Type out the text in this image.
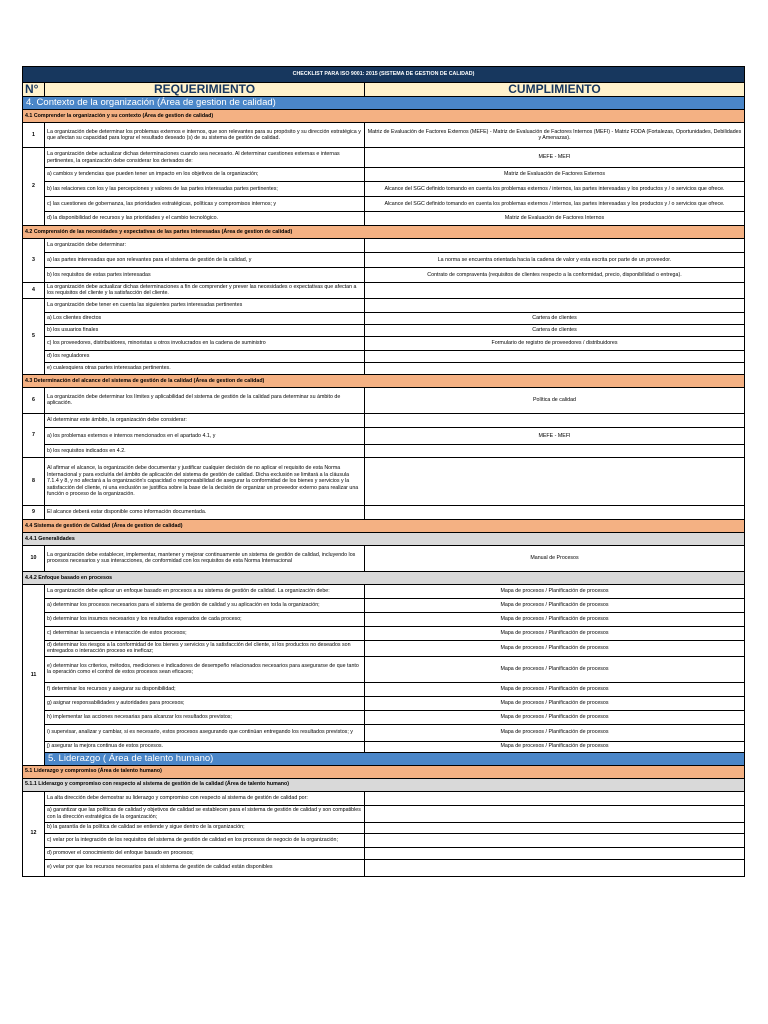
CHECKLIST PARA ISO 9001: 2015 (SISTEMA DE GESTION DE CALIDAD)		
N°	REQUERIMIENTO	CUMPLIMIENTO
4. Contexto de la organización (Área de gestion de calidad)		
4.1 Comprender la organización y su contexto (Área de gestion de calidad)		
1	La organización debe determinar los problemas externos e internos, que son relevantes para su propósito y su dirección estratégica y que afectan su capacidad para lograr el resultado deseado (s) de su sistema de gestión de calidad.	Matriz de Evaluación de Factores Externos (MEFE) - Matriz de Evaluación de Factores Internos (MEFI) - Matriz FODA (Fortalezas, Oportunidades, Debilidades y Amenazas).
2	La organización debe actualizar dichas determinaciones cuando sea necesario. Al determinar cuestiones externas e internas pertinentes, la organización debe considerar los derivados de:	MEFE - MEFI
	a) cambios y tendencias que pueden tener un impacto en los objetivos de la organización;	Matriz de Evaluación de Factores Externos
	b) las relaciones con los y las percepciones y valores de las partes interesadas partes pertinentes;	Alcance del SGC definido tomando en cuenta los problemas externos / internos, las partes interesadas y los productos y / o servicios que ofrece.
	c) las cuestiones de gobernanza, las prioridades estratégicas, políticas y compromisos internos; y	Alcance del SGC definido tomando en cuenta los problemas externos / internos, las partes interesadas y los productos y / o servicios que ofrece.
	d) la disponibilidad de recursos y las prioridades y el cambio tecnológico.	Matriz de Evaluación de Factores Internos
4.2 Comprensión de las necesidades y expectativas de las partes interesadas (Área de gestion de calidad)		
3	La organización debe determinar:	
	a) las partes interesadas que son relevantes para el sistema de gestión de la calidad, y	La norma se encuentra orientada hacia la cadena de valor y esta escrita por parte de un proveedor.
	b) los requisitos de estas partes interesadas	Contrato de compraventa (requisitos de clientes respecto a la conformidad, precio, disponibilidad o entrega).
4	La organización debe actualizar dichas determinaciones a fin de comprender y prever las necesidades o expectativas que afectan a los requisitos del cliente y la satisfacción del cliente.	
5	La organización debe tener en cuenta las siguientes partes interesadas pertinentes	
	a) Los clientes directos	Cartera de clientes
	b) los usuarios finales	Cartera de clientes
	c) los proveedores, distribuidores, minoristas u otros involucrados en la cadena de suministro	Formulario de registro de proveedores / distribuidores
	d) los reguladores	
	e) cualesquiera otras partes interesadas pertinentes.	
4.3 Determinación del alcance del sistema de gestión de la calidad (Área de gestion de calidad)		
6	La organización debe determinar los límites y aplicabilidad del sistema de gestión de la calidad para determinar su ámbito de aplicación.	Política de calidad
7	Al determinar este ámbito, la organización debe considerar:	
	a) los problemas externos e internos mencionados en el apartado 4.1, y	MEFE - MEFI
	b) los requisitos indicados en 4.2.	
8	Al afirmar el alcance, la organización debe documentar y justificar cualquier decisión de no aplicar el requisito de esta Norma Internacional y para excluirla del ámbito de aplicación del sistema de gestión de calidad. Dicha exclusión se limitará a la cláusula 7.1.4 y 8, y no afectará a la organización's capacidad o responsabilidad de asegurar la conformidad de los bienes y servicios y la satisfacción del cliente, ni una exclusión se justifica sobre la base de la decisión de organizar un proveedor externo para realizar una función o proceso de la organización.	
9	El alcance deberá estar disponible como información documentada.	
4.4 Sistema de gestión de Calidad (Área de gestion de calidad)		
4.4.1 Generalidades		
10	La organización debe establecer, implementar, mantener y mejorar continuamente un sistema de gestión de calidad, incluyendo los procesos necesarios y sus interacciones, de conformidad con los requisitos de esta Norma Internacional	Manual de Procesos
4.4.2 Enfoque basado en procesos		
11	La organización debe aplicar un enfoque basado en procesos a su sistema de gestión de calidad. La organización debe:	Mapa de procesos / Planificación de procesos
	a) determinar los procesos necesarios para el sistema de gestión de calidad y su aplicación en toda la organización;	Mapa de procesos / Planificación de procesos
	b) determinar los insumos necesarios y los resultados esperados de cada proceso;	Mapa de procesos / Planificación de procesos
	c) determinar la secuencia e interacción de estos procesos;	Mapa de procesos / Planificación de procesos
	d) determinar los riesgos a la conformidad de los bienes y servicios y la satisfacción del cliente, si los productos no deseados son entregados o interacción proceso es ineficaz;	Mapa de procesos / Planificación de procesos
	e) determinar los criterios, métodos, mediciones e indicadores de desempeño relacionados necesarios para asegurarse de que tanto la operación como el control de estos procesos sean eficaces;	Mapa de procesos / Planificación de procesos
	f) determinar los recursos y asegurar su disponibilidad;	Mapa de procesos / Planificación de procesos
	g) asignar responsabilidades y autoridades para procesos;	Mapa de procesos / Planificación de procesos
	h) implementar las acciones necesarias para alcanzar los resultados previstos;	Mapa de procesos / Planificación de procesos
	i) supervisar, analizar y cambiar, si es necesario, estos procesos asegurando que continúan entregando los resultados previstos; y	Mapa de procesos / Planificación de procesos
	j) asegurar la mejora continua de estos procesos.	Mapa de procesos / Planificación de procesos
	5. Liderazgo ( Área de talento humano)	
5.1 Liderazgo y compromiso (Área de talento humano)		
5.1.1 Liderazgo y compromiso con respecto al sistema de gestión de la calidad (Área de talento humano)		
12	La alta dirección debe demostrar su liderazgo y compromiso con respecto al sistema de gestión de calidad por:	
	a) garantizar que las políticas de calidad y objetivos de calidad se establecen para el sistema de gestión de calidad y son compatibles con la dirección estratégica de la organización;	
	b) la garantía de la política de calidad se entiende y sigue dentro de la organización;	
	c) velar por la integración de los requisitos del sistema de gestión de calidad en los procesos de negocio de la organización;	
	d) promover el conocimiento del enfoque basado en procesos;	
	e) velar por que los recursos necesarios para el sistema de gestión de calidad están disponibles	
